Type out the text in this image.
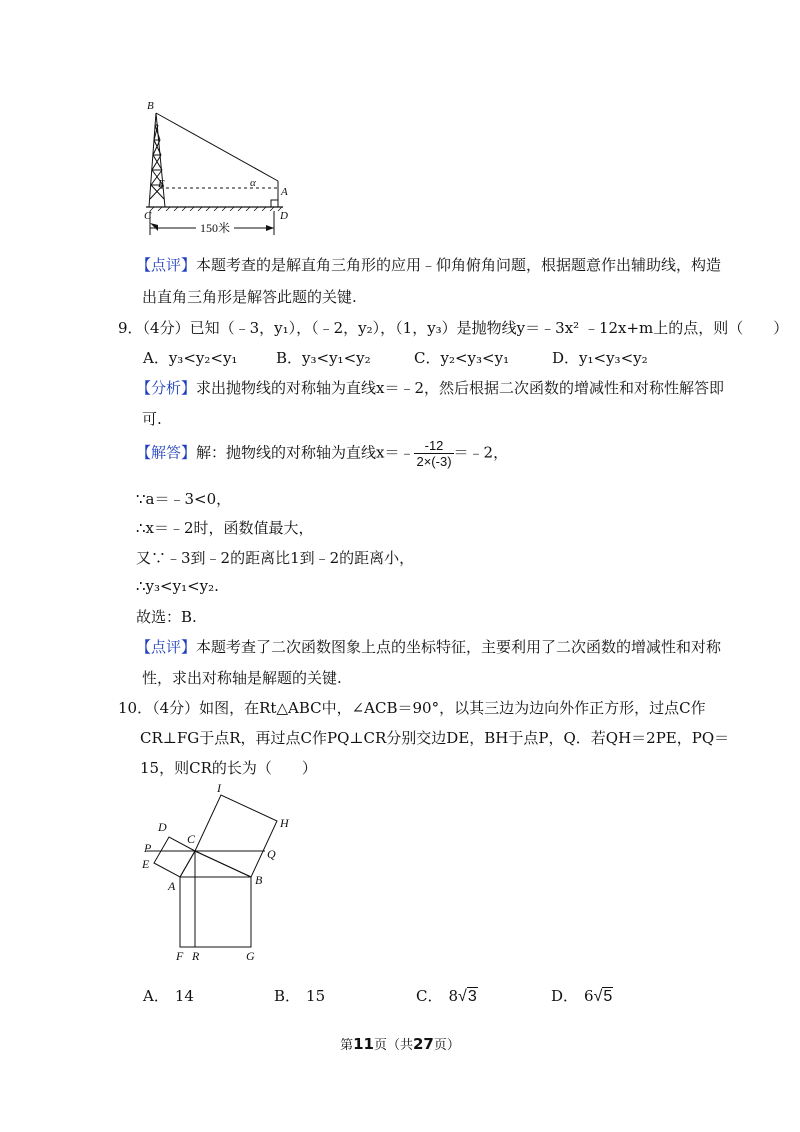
B
C	D
A
E	α
150米
【点评】本题考查的是解直角三角形的应用﹣仰角俯角问题，根据题意作出辅助线，构造
出直角三角形是解答此题的关键.
9．（4分）已知（﹣3，y₁），（﹣2，y₂），（1，y₃）是抛物线y＝﹣3x² ﹣12x+m上的点，则（　　）
A．y₃<y₂<y₁	B．y₃<y₁<y₂	C．y₂<y₃<y₁	D．y₁<y₃<y₂
【分析】求出抛物线的对称轴为直线x＝﹣2，然后根据二次函数的增减性和对称性解答即
可.
【解答】解：抛物线的对称轴为直线x＝﹣ $\frac{-12}{2\times(-3)}$ ＝﹣2，
∵a＝﹣3<0，
∴x＝﹣2时，函数值最大，
又∵﹣3到﹣2的距离比1到﹣2的距离小，
∴y₃<y₁<y₂.
故选：B.
【点评】本题考查了二次函数图象上点的坐标特征，主要利用了二次函数的增减性和对称
性，求出对称轴是解题的关键.
10．（4分）如图，在Rt△ABC中，∠ACB＝90°，以其三边为边向外作正方形，过点C作
CR⊥FG于点R，再过点C作PQ⊥CR分别交边DE，BH于点P，Q．若QH＝2PE，PQ＝
15，则CR的长为（　　）
I
H
D
C
P	Q
E
A	B
F R	G
A． 14	B． 15	C． 8√3	D． 6√5
第11页（共27页）
